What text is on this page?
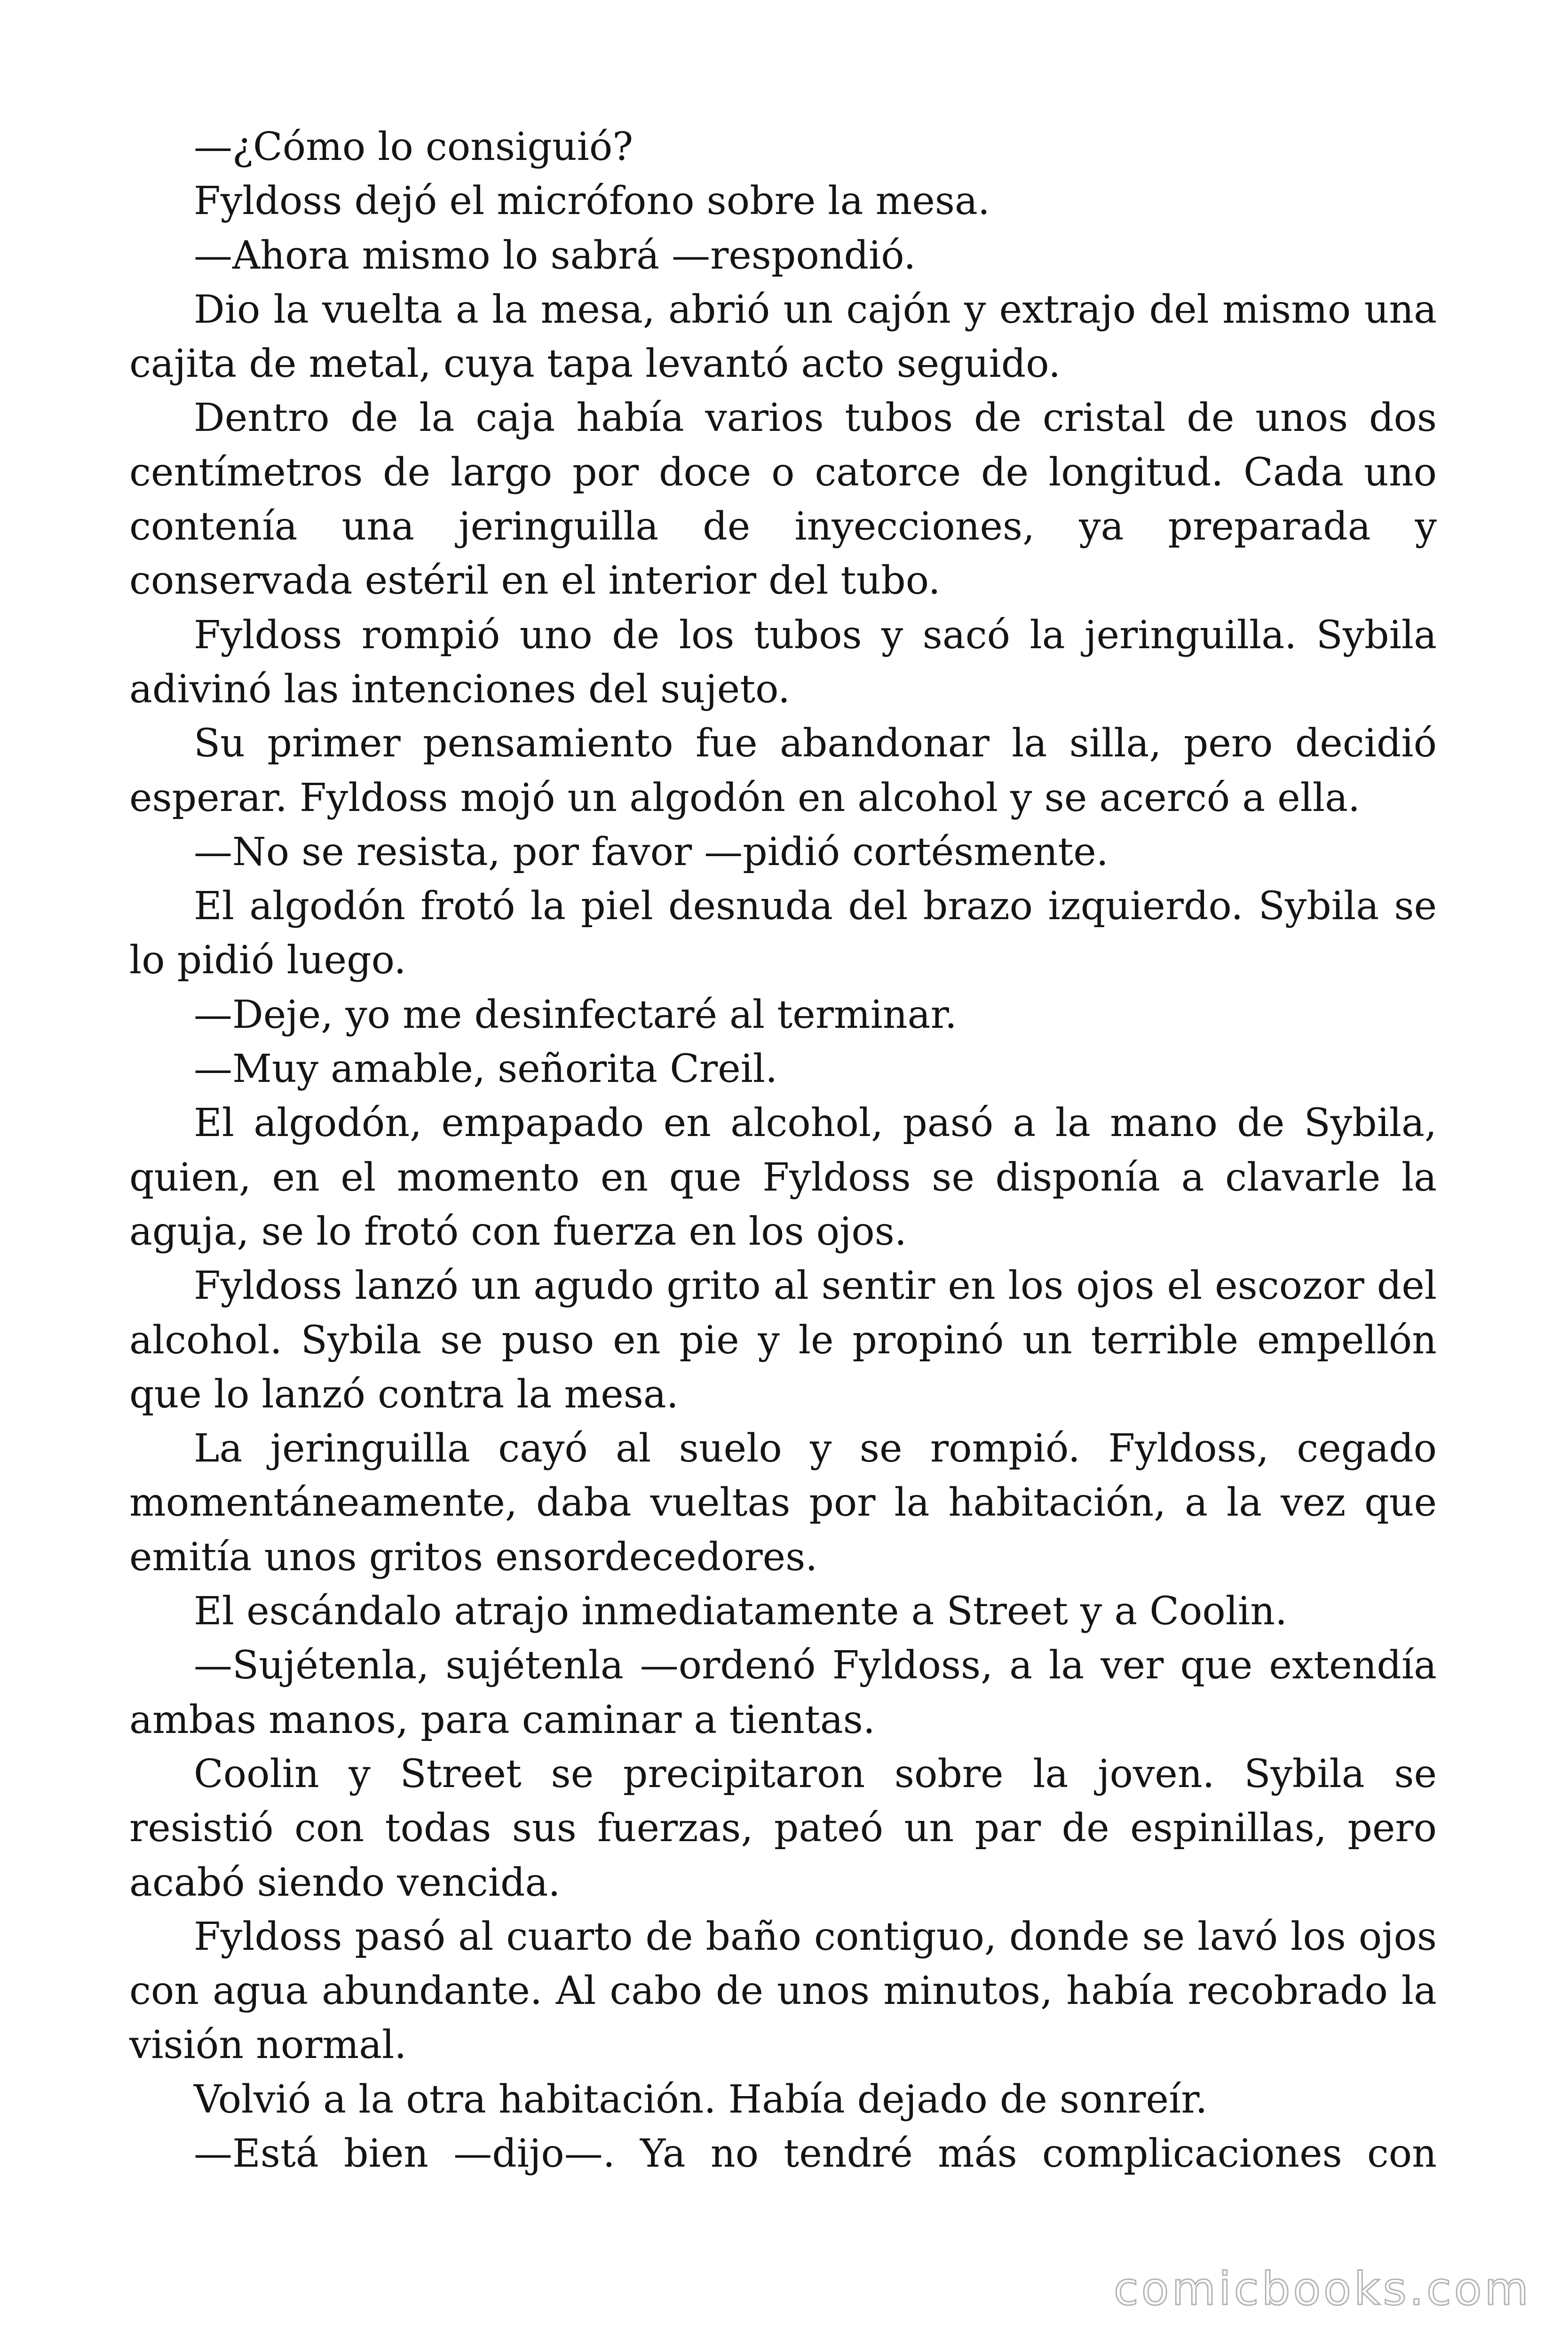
—¿Cómo lo consiguió?

Fyldoss dejó el micrófono sobre la mesa.

—Ahora mismo lo sabrá —respondió.

Dio la vuelta a la mesa, abrió un cajón y extrajo del mismo una cajita de metal, cuya tapa levantó acto seguido.

Dentro de la caja había varios tubos de cristal de unos dos centímetros de largo por doce o catorce de longitud. Cada uno contenía una jeringuilla de inyecciones, ya preparada y conservada estéril en el interior del tubo.

Fyldoss rompió uno de los tubos y sacó la jeringuilla. Sybila adivinó las intenciones del sujeto.

Su primer pensamiento fue abandonar la silla, pero decidió esperar. Fyldoss mojó un algodón en alcohol y se acercó a ella.

—No se resista, por favor —pidió cortésmente.

El algodón frotó la piel desnuda del brazo izquierdo. Sybila se lo pidió luego.

—Deje, yo me desinfectaré al terminar.

—Muy amable, señorita Creil.

El algodón, empapado en alcohol, pasó a la mano de Sybila, quien, en el momento en que Fyldoss se disponía a clavarle la aguja, se lo frotó con fuerza en los ojos.

Fyldoss lanzó un agudo grito al sentir en los ojos el escozor del alcohol. Sybila se puso en pie y le propinó un terrible empellón que lo lanzó contra la mesa.

La jeringuilla cayó al suelo y se rompió. Fyldoss, cegado momentáneamente, daba vueltas por la habitación, a la vez que emitía unos gritos ensordecedores.

El escándalo atrajo inmediatamente a Street y a Coolin.

—Sujétenla, sujétenla —ordenó Fyldoss, a la ver que extendía ambas manos, para caminar a tientas.

Coolin y Street se precipitaron sobre la joven. Sybila se resistió con todas sus fuerzas, pateó un par de espinillas, pero acabó siendo vencida.

Fyldoss pasó al cuarto de baño contiguo, donde se lavó los ojos con agua abundante. Al cabo de unos minutos, había recobrado la visión normal.

Volvió a la otra habitación. Había dejado de sonreír.

—Está bien —dijo—. Ya no tendré más complicaciones con

comicbooks.com
